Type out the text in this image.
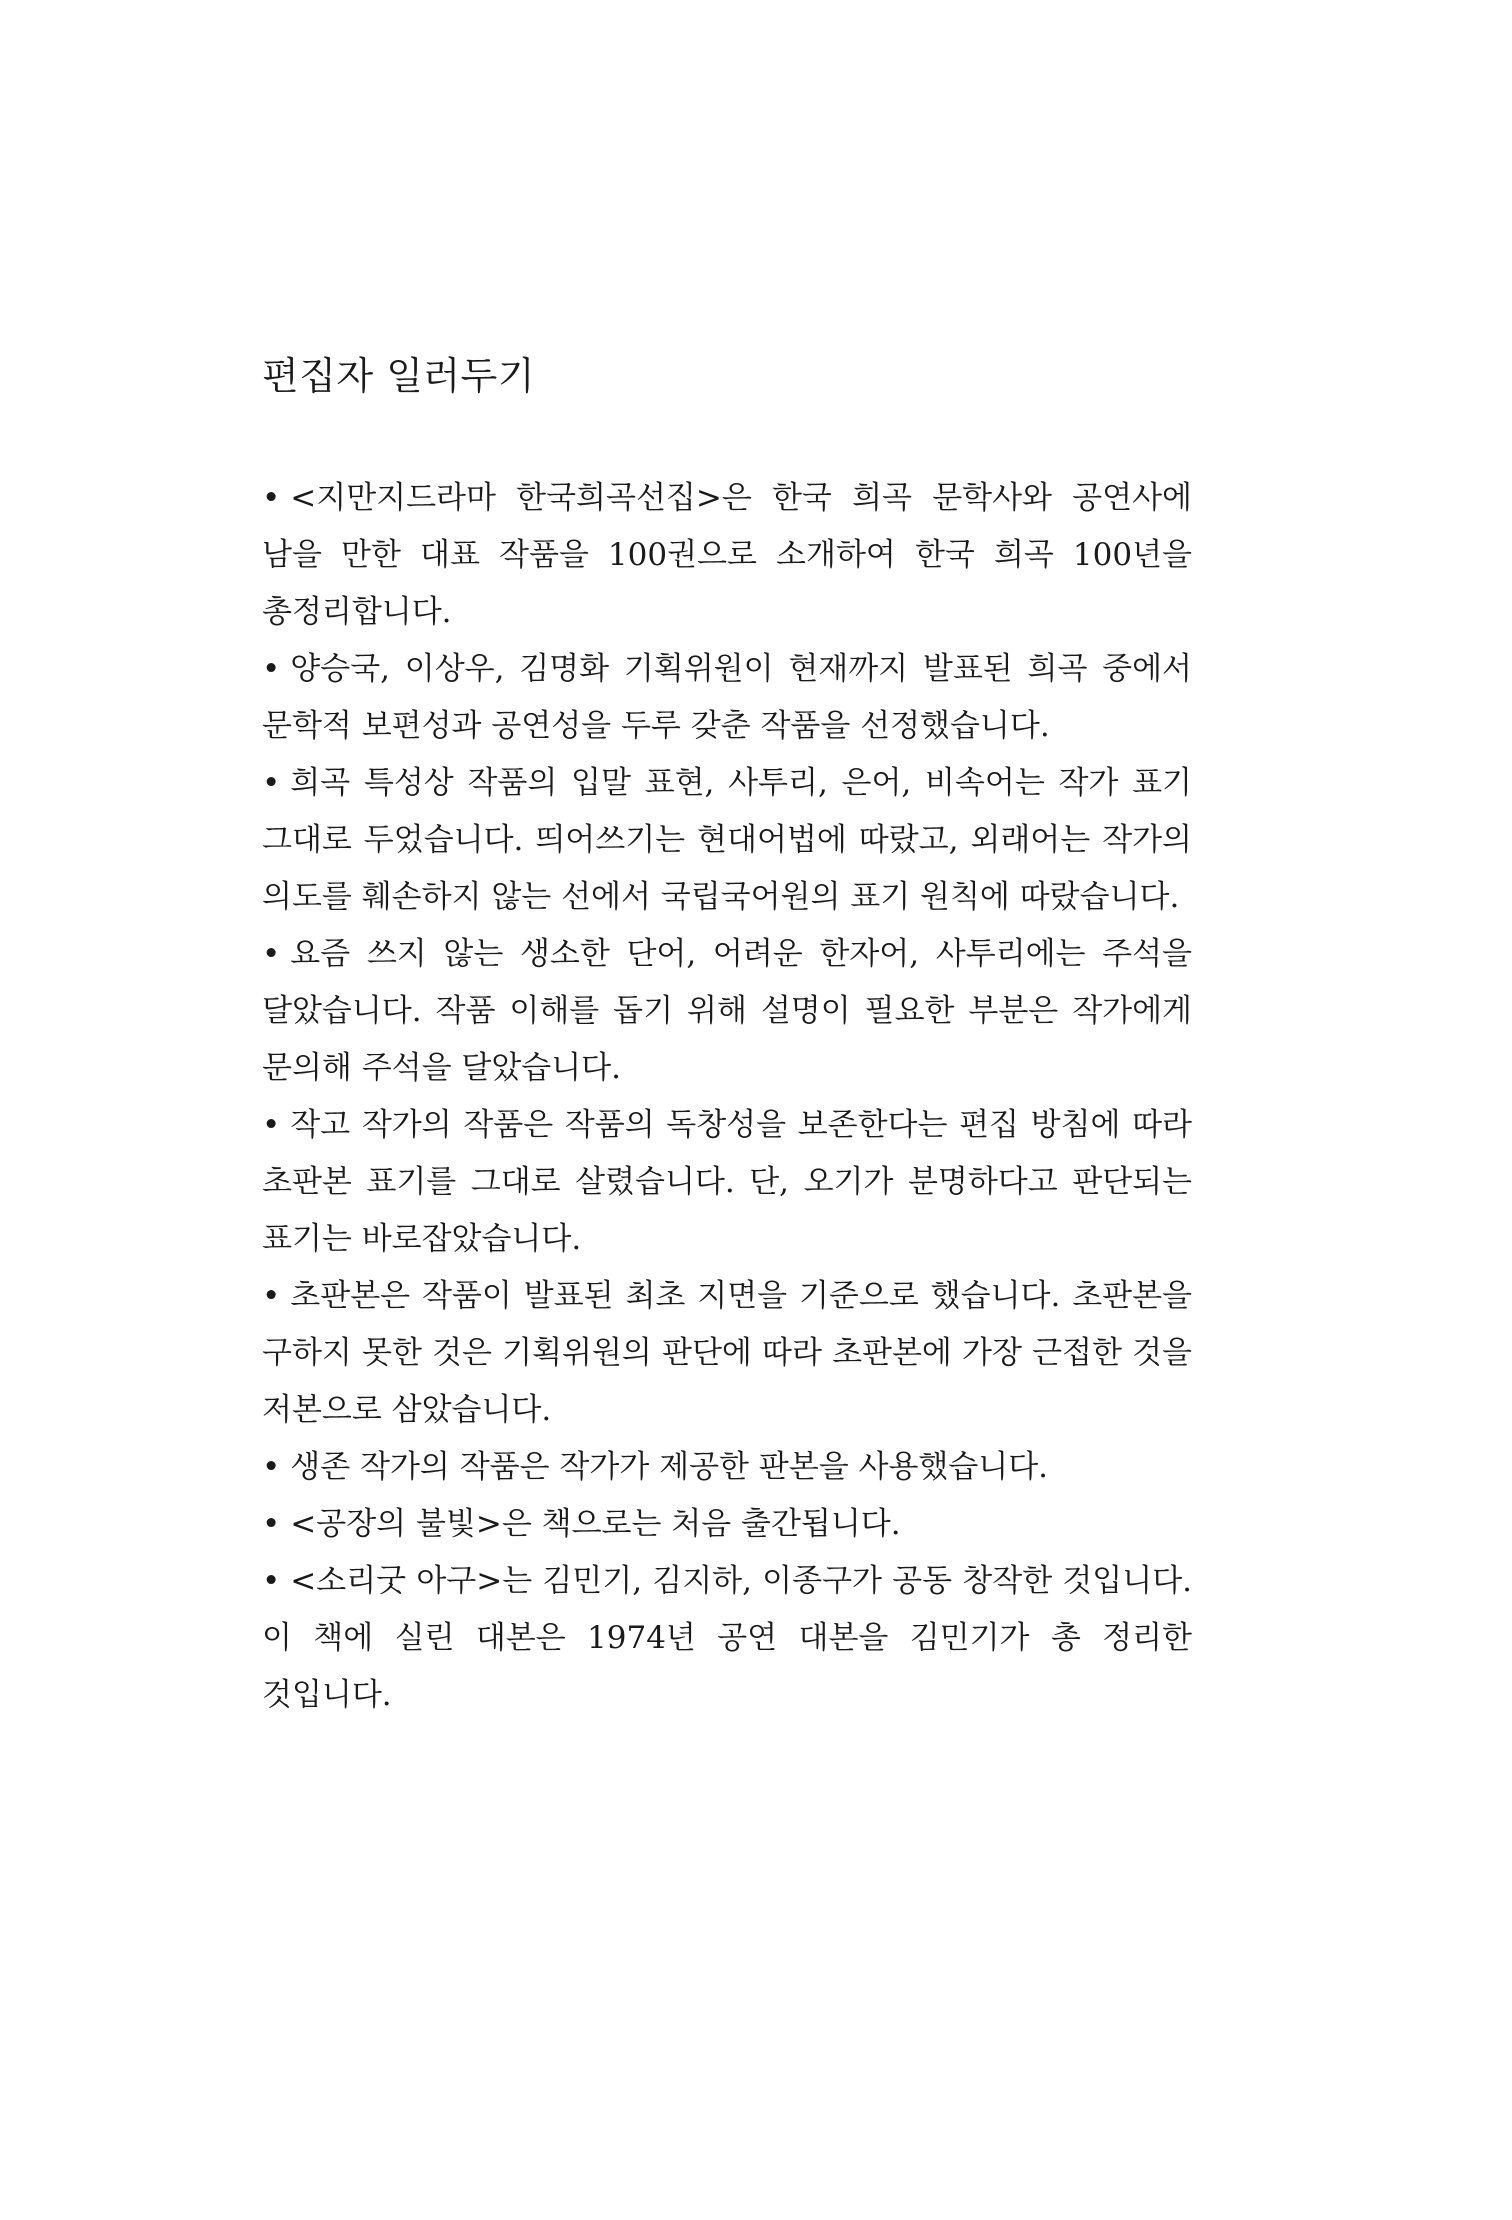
편집자 일러두기
• <지만지드라마 한국희곡선집>은 한국 희곡 문학사와 공연사에 남을 만한 대표 작품을 100권으로 소개하여 한국 희곡 100년을 총정리합니다.
• 양승국, 이상우, 김명화 기획위원이 현재까지 발표된 희곡 중에서 문학적 보편성과 공연성을 두루 갖춘 작품을 선정했습니다.
• 희곡 특성상 작품의 입말 표현, 사투리, 은어, 비속어는 작가 표기 그대로 두었습니다. 띄어쓰기는 현대어법에 따랐고, 외래어는 작가의 의도를 훼손하지 않는 선에서 국립국어원의 표기 원칙에 따랐습니다.
• 요즘 쓰지 않는 생소한 단어, 어려운 한자어, 사투리에는 주석을 달았습니다. 작품 이해를 돕기 위해 설명이 필요한 부분은 작가에게 문의해 주석을 달았습니다.
• 작고 작가의 작품은 작품의 독창성을 보존한다는 편집 방침에 따라 초판본 표기를 그대로 살렸습니다. 단, 오기가 분명하다고 판단되는 표기는 바로잡았습니다.
• 초판본은 작품이 발표된 최초 지면을 기준으로 했습니다. 초판본을 구하지 못한 것은 기획위원의 판단에 따라 초판본에 가장 근접한 것을 저본으로 삼았습니다.
• 생존 작가의 작품은 작가가 제공한 판본을 사용했습니다.
• <공장의 불빛>은 책으로는 처음 출간됩니다.
• <소리굿 아구>는 김민기, 김지하, 이종구가 공동 창작한 것입니다. 이 책에 실린 대본은 1974년 공연 대본을 김민기가 총 정리한 것입니다.
